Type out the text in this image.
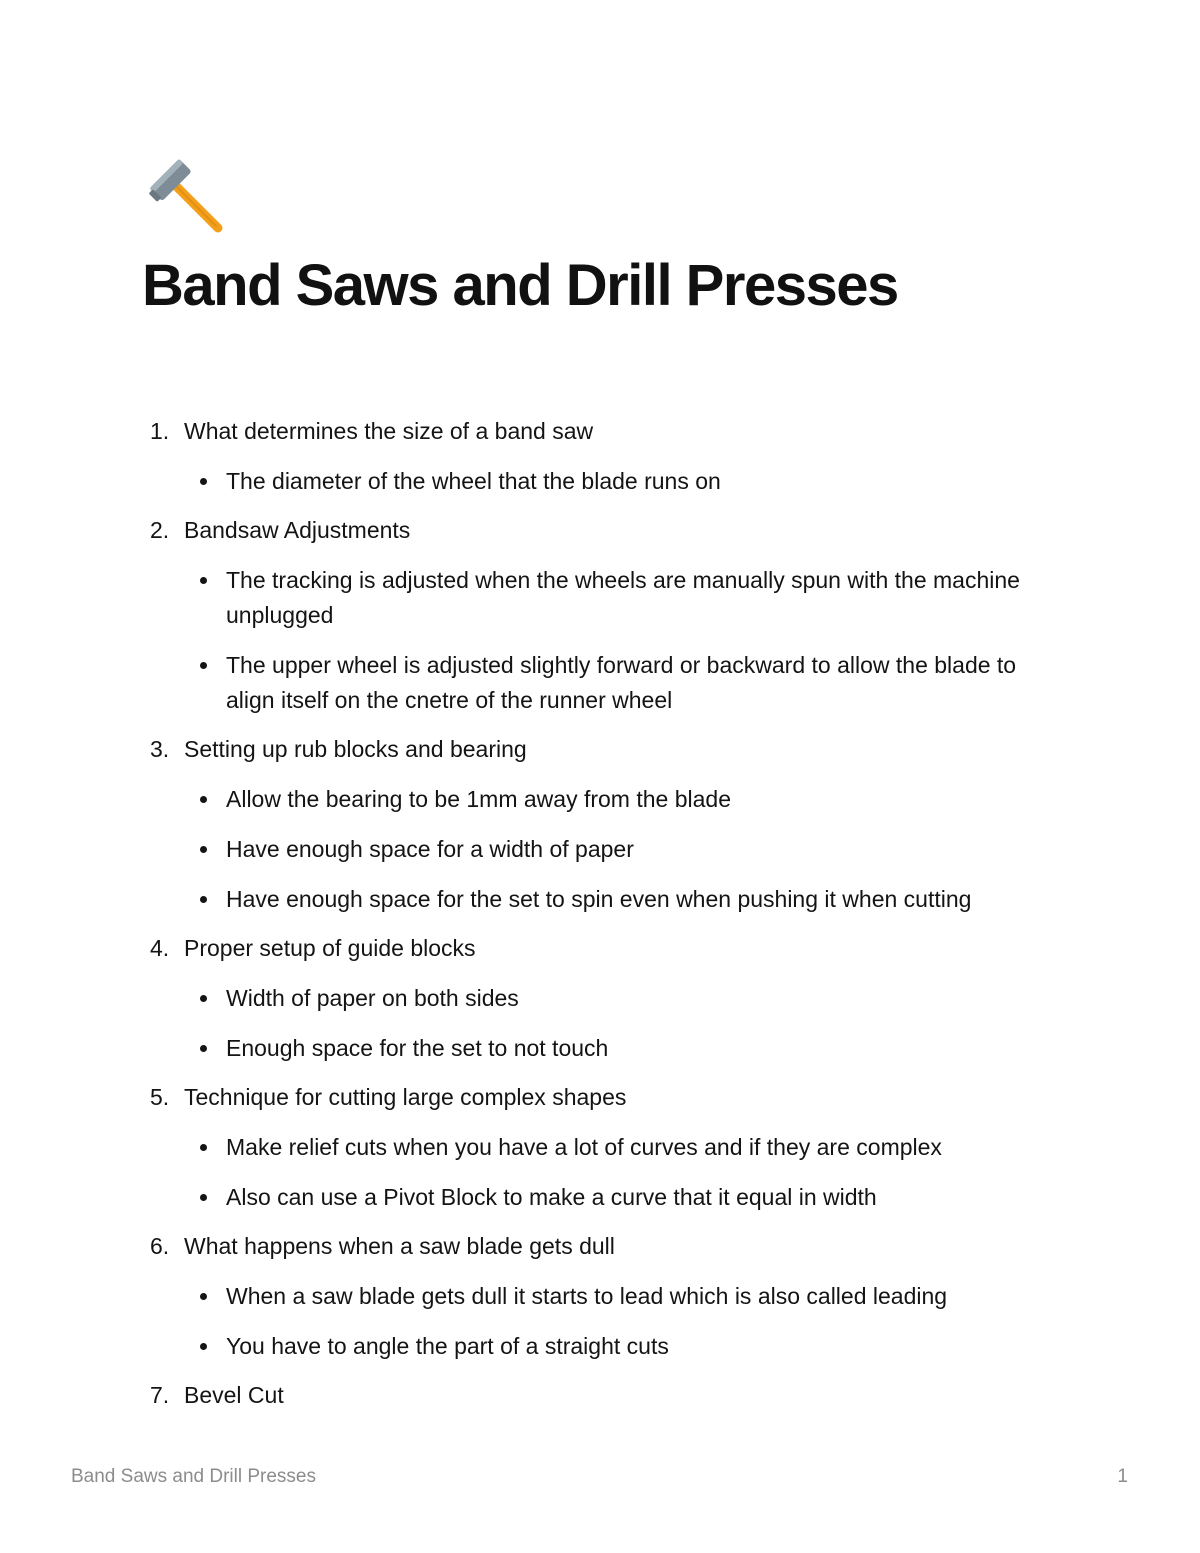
Band Saws and Drill Presses
1. What determines the size of a band saw
The diameter of the wheel that the blade runs on
2. Bandsaw Adjustments
The tracking is adjusted when the wheels are manually spun with the machine unplugged
The upper wheel is adjusted slightly forward or backward to allow the blade to align itself on the cnetre of the runner wheel
3. Setting up rub blocks and bearing
Allow the bearing to be 1mm away from the blade
Have enough space for a width of paper
Have enough space for the set to spin even when pushing it when cutting
4. Proper setup of guide blocks
Width of paper on both sides
Enough space for the set to not touch
5. Technique for cutting large complex shapes
Make relief cuts when you have a lot of curves and if they are complex
Also can use a Pivot Block to make a curve that it equal in width
6. What happens when a saw blade gets dull
When a saw blade gets dull it starts to lead which is also called leading
You have to angle the part of a straight cuts
7. Bevel Cut
Band Saws and Drill Presses	1
